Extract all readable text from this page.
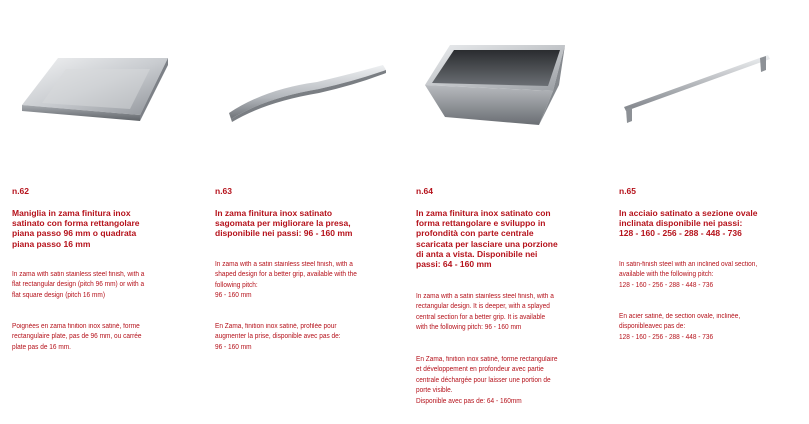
n.62
Maniglia in zama finitura inox
satinato con forma rettangolare
piana passo 96 mm o quadrata
piana passo 16 mm
In zama with satin stainless steel finish, with a
flat rectangular design (pitch 96 mm) or with a
flat square design (pitch 16 mm)
Poignées en zama finition inox satiné, forme
rectangulaire plate, pas de 96 mm, ou carrée
plate pas de 16 mm.
n.63
In zama finitura inox satinato
sagomata per migliorare la presa,
disponibile nei passi: 96 - 160 mm
In zama with a satin stainless steel finish, with a
shaped design for a better grip, available with the
following pitch:
96 - 160 mm
En Zama, finition inox satiné, profilée pour
augmenter la prise, disponible avec pas de:
96 - 160 mm
n.64
In zama finitura inox satinato con
forma rettangolare e sviluppo in
profondità con parte centrale
scaricata per lasciare una porzione
di anta a vista. Disponibile nei
passi: 64 - 160 mm
In zama with a satin stainless steel finish, with a
rectangular design. It is deeper, with a splayed
central section for a better grip. It is available
with the following pitch: 96 - 160 mm
En Zama, finition inox satiné, forme rectangulaire
et développement en profondeur avec partie
centrale déchargée pour laisser une portion de
porte visible.
Disponible avec pas de: 64 - 160mm
n.65
In acciaio satinato a sezione ovale
inclinata disponibile nei passi:
128 - 160 - 256 - 288 - 448 - 736
In satin-finish steel with an inclined oval section,
available with the following pitch:
128 - 160 - 256 - 288 - 448 - 736
En acier satiné, de section ovale, inclinée,
disponibleavec pas de:
128 - 160 - 256 - 288 - 448 - 736
